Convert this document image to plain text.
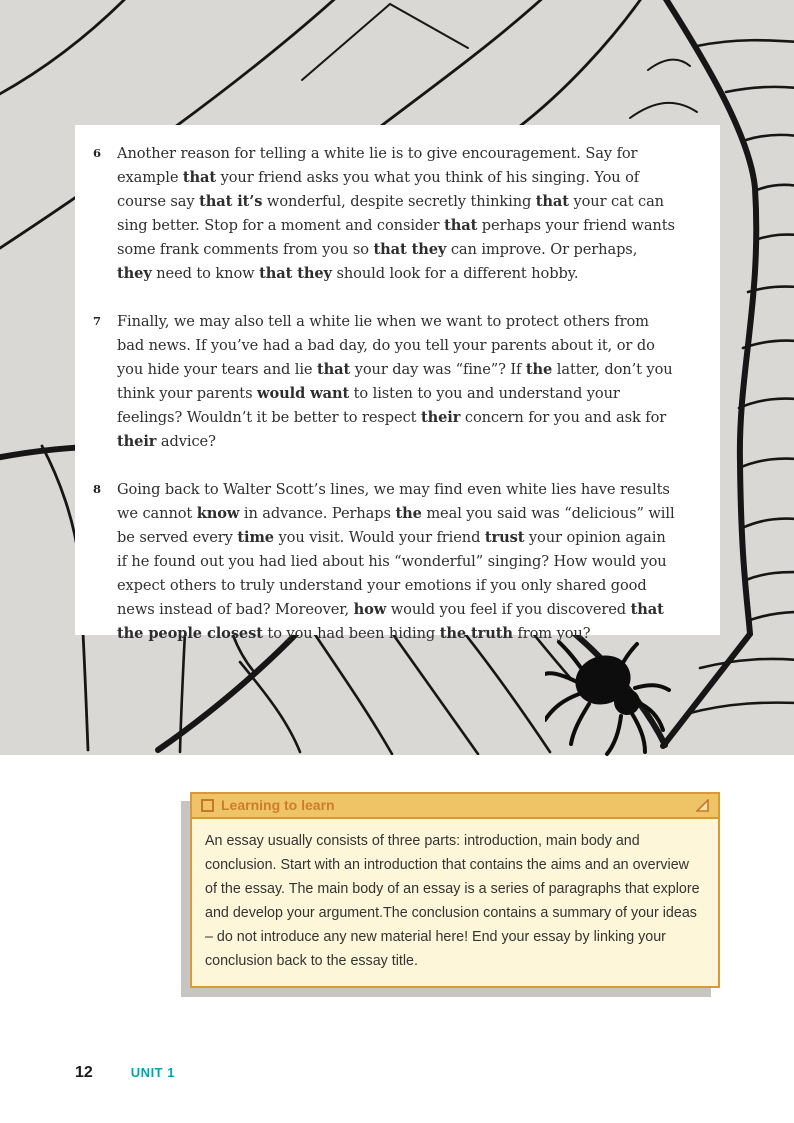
6	Another reason for telling a white lie is to give encouragement. Say for example that your friend asks you what you think of his singing. You of course say that it’s wonderful, despite secretly thinking that your cat can sing better. Stop for a moment and consider that perhaps your friend wants some frank comments from you so that they can improve. Or perhaps, they need to know that they should look for a different hobby.
7	Finally, we may also tell a white lie when we want to protect others from bad news. If you’ve had a bad day, do you tell your parents about it, or do you hide your tears and lie that your day was “fine”? If the latter, don’t you think your parents would want to listen to you and understand your feelings? Wouldn’t it be better to respect their concern for you and ask for their advice?
8	Going back to Walter Scott’s lines, we may find even white lies have results we cannot know in advance. Perhaps the meal you said was “delicious” will be served every time you visit. Would your friend trust your opinion again if he found out you had lied about his “wonderful” singing? How would you expect others to truly understand your emotions if you only shared good news instead of bad? Moreover, how would you feel if you discovered that the people closest to you had been hiding the truth from you?
Learning to learn
An essay usually consists of three parts: introduction, main body and conclusion. Start with an introduction that contains the aims and an overview of the essay. The main body of an essay is a series of paragraphs that explore and develop your argument.The conclusion contains a summary of your ideas – do not introduce any new material here! End your essay by linking your conclusion back to the essay title.
12	UNIT 1
